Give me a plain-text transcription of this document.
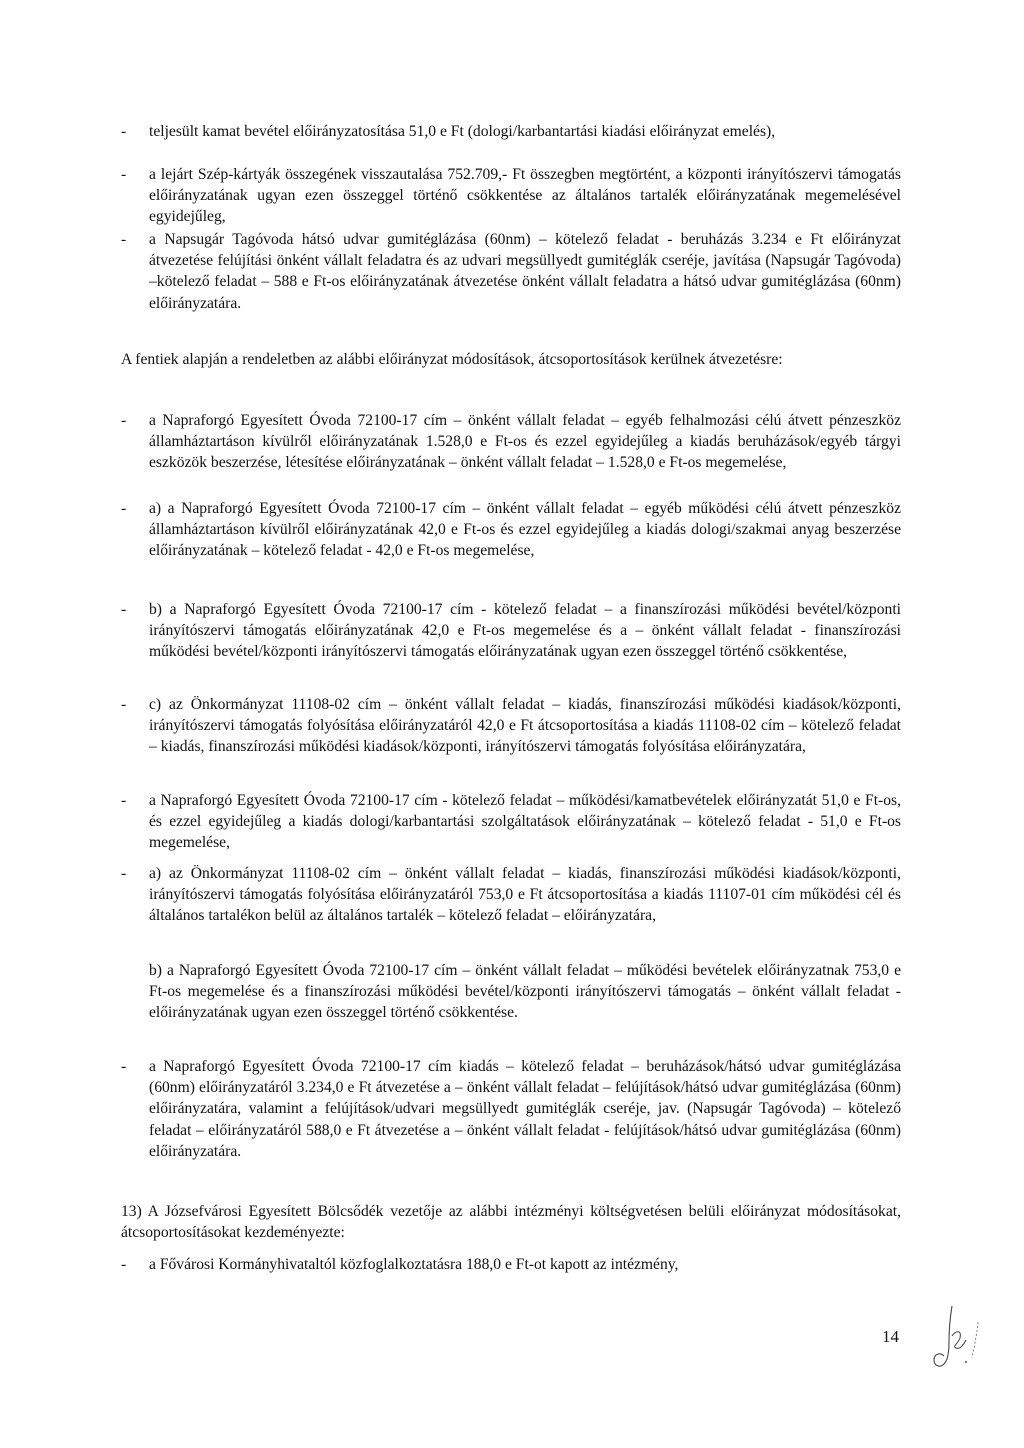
-	teljesült kamat bevétel előirányzatosítása 51,0 e Ft (dologi/karbantartási kiadási előirányzat emelés),

-	a lejárt Szép-kártyák összegének visszautalása 752.709,- Ft összegben megtörtént, a központi irányítószervi támogatás előirányzatának ugyan ezen összeggel történő csökkentése az általános tartalék előirányzatának megemelésével egyidejűleg,

-	a Napsugár Tagóvoda hátsó udvar gumitéglázása (60nm) – kötelező feladat - beruházás 3.234 e Ft előirányzat átvezetése felújítási önként vállalt feladatra és az udvari megsüllyedt gumitéglák cseréje, javítása (Napsugár Tagóvoda) –kötelező feladat – 588 e Ft-os előirányzatának átvezetése önként vállalt feladatra a hátsó udvar gumitéglázása (60nm) előirányzatára.

A fentiek alapján a rendeletben az alábbi előirányzat módosítások, átcsoportosítások kerülnek átvezetésre:

-	a Napraforgó Egyesített Óvoda 72100-17 cím – önként vállalt feladat – egyéb felhalmozási célú átvett pénzeszköz államháztartáson kívülről előirányzatának 1.528,0 e Ft-os és ezzel egyidejűleg a kiadás beruházások/egyéb tárgyi eszközök beszerzése, létesítése előirányzatának – önként vállalt feladat – 1.528,0 e Ft-os megemelése,

-	a) a Napraforgó Egyesített Óvoda 72100-17 cím – önként vállalt feladat – egyéb működési célú átvett pénzeszköz államháztartáson kívülről előirányzatának 42,0 e Ft-os és ezzel egyidejűleg a kiadás dologi/szakmai anyag beszerzése előirányzatának – kötelező feladat - 42,0 e Ft-os megemelése,

-	b) a Napraforgó Egyesített Óvoda 72100-17 cím - kötelező feladat – a finanszírozási működési bevétel/központi irányítószervi támogatás előirányzatának 42,0 e Ft-os megemelése és a – önként vállalt feladat - finanszírozási működési bevétel/központi irányítószervi támogatás előirányzatának ugyan ezen összeggel történő csökkentése,

-	c) az Önkormányzat 11108-02 cím – önként vállalt feladat – kiadás, finanszírozási működési kiadások/központi, irányítószervi támogatás folyósítása előirányzatáról 42,0 e Ft átcsoportosítása a kiadás 11108-02 cím – kötelező feladat – kiadás, finanszírozási működési kiadások/központi, irányítószervi támogatás folyósítása előirányzatára,

-	a Napraforgó Egyesített Óvoda 72100-17 cím - kötelező feladat – működési/kamatbevételek előirányzatát 51,0 e Ft-os, és ezzel egyidejűleg a kiadás dologi/karbantartási szolgáltatások előirányzatának – kötelező feladat - 51,0 e Ft-os megemelése,

-	a) az Önkormányzat 11108-02 cím – önként vállalt feladat – kiadás, finanszírozási működési kiadások/központi, irányítószervi támogatás folyósítása előirányzatáról 753,0 e Ft átcsoportosítása a kiadás 11107-01 cím működési cél és általános tartalékon belül az általános tartalék – kötelező feladat – előirányzatára,

b) a Napraforgó Egyesített Óvoda 72100-17 cím – önként vállalt feladat – működési bevételek előirányzatnak 753,0 e Ft-os megemelése és a finanszírozási működési bevétel/központi irányítószervi támogatás – önként vállalt feladat - előirányzatának ugyan ezen összeggel történő csökkentése.

-	a Napraforgó Egyesített Óvoda 72100-17 cím kiadás – kötelező feladat – beruházások/hátsó udvar gumitéglázása (60nm) előirányzatáról 3.234,0 e Ft átvezetése a – önként vállalt feladat – felújítások/hátsó udvar gumitéglázása (60nm) előirányzatára, valamint a felújítások/udvari megsüllyedt gumitéglák cseréje, jav. (Napsugár Tagóvoda) – kötelező feladat – előirányzatáról 588,0 e Ft átvezetése a – önként vállalt feladat - felújítások/hátsó udvar gumitéglázása (60nm) előirányzatára.

13) A Józsefvárosi Egyesített Bölcsődék vezetője az alábbi intézményi költségvetésen belüli előirányzat módosításokat, átcsoportosításokat kezdeményezte:

-	a Fővárosi Kormányhivataltól közfoglalkoztatásra 188,0 e Ft-ot kapott az intézmény,

14
